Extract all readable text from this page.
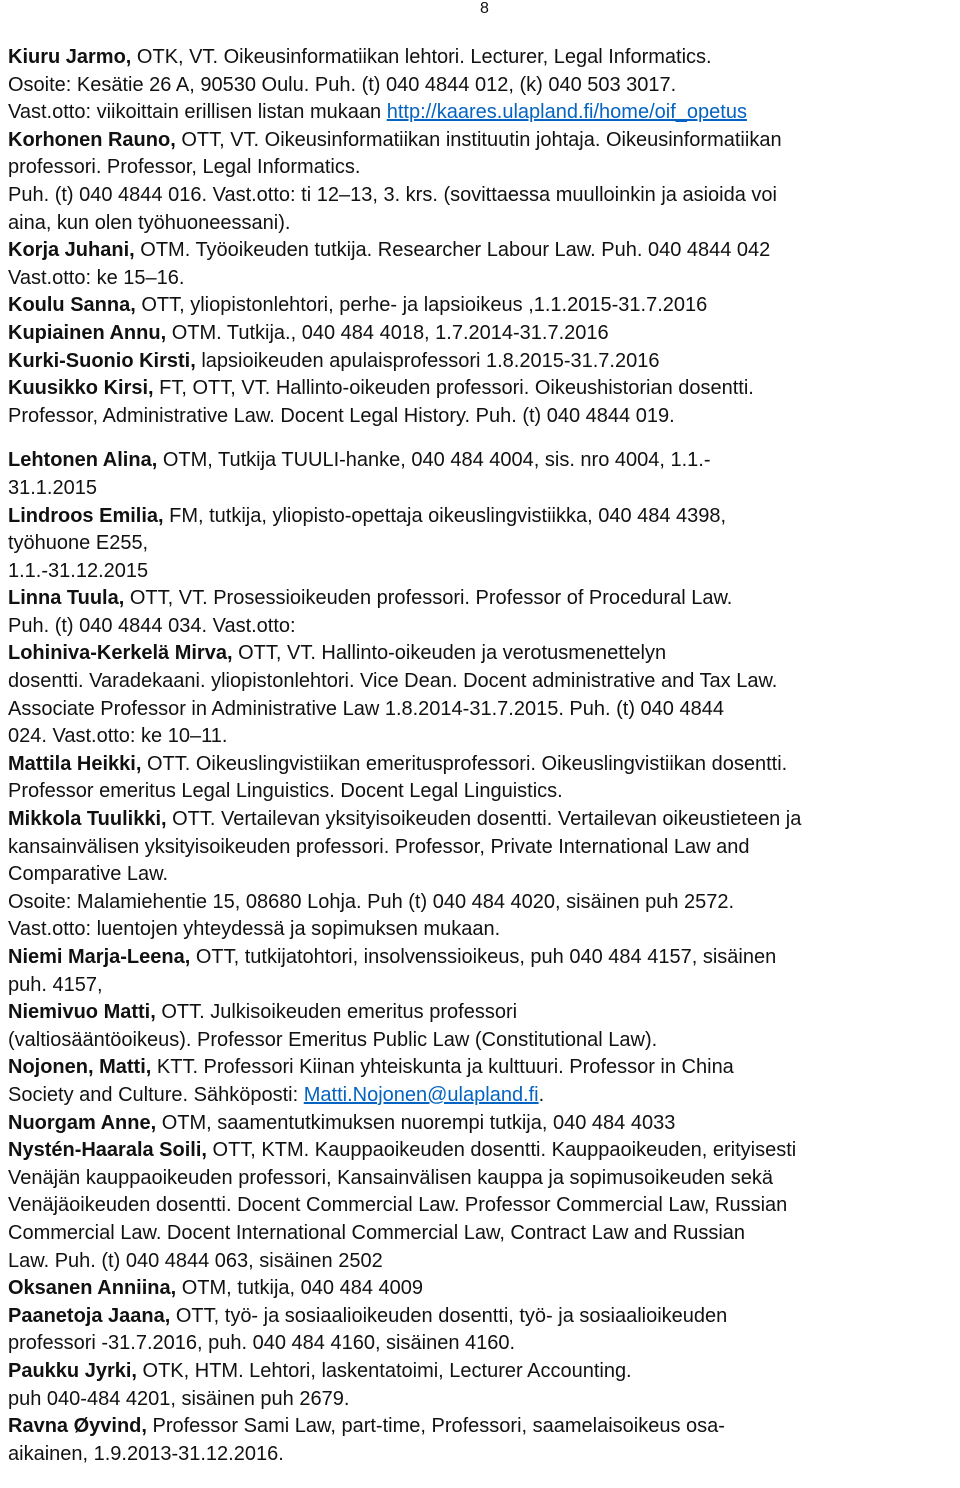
8
Kiuru Jarmo, OTK, VT. Oikeusinformatiikan lehtori. Lecturer, Legal Informatics.
Osoite: Kesätie 26 A, 90530 Oulu. Puh. (t) 040 4844 012, (k) 040 503 3017.
Vast.otto: viikoittain erillisen listan mukaan http://kaares.ulapland.fi/home/oif_opetus
Korhonen Rauno, OTT, VT. Oikeusinformatiikan instituutin johtaja. Oikeusinformatiikan
professori. Professor, Legal Informatics.
Puh. (t) 040 4844 016. Vast.otto: ti 12–13, 3. krs. (sovittaessa muulloinkin ja asioida voi
aina, kun olen työhuoneessani).
Korja Juhani, OTM. Työoikeuden tutkija. Researcher Labour Law. Puh. 040 4844 042
Vast.otto: ke 15–16.
Koulu Sanna, OTT, yliopistonlehtori, perhe- ja lapsioikeus ,1.1.2015-31.7.2016
Kupiainen Annu, OTM. Tutkija., 040 484 4018, 1.7.2014-31.7.2016
Kurki-Suonio Kirsti, lapsioikeuden apulaisprofessori 1.8.2015-31.7.2016
Kuusikko Kirsi, FT, OTT, VT. Hallinto-oikeuden professori. Oikeushistorian dosentti.
Professor, Administrative Law. Docent Legal History. Puh. (t) 040 4844 019.
Lehtonen Alina, OTM, Tutkija TUULI-hanke, 040 484 4004, sis. nro 4004, 1.1.-
31.1.2015
Lindroos Emilia, FM, tutkija, yliopisto-opettaja oikeuslingvistiikka, 040 484 4398,
työhuone E255,
1.1.-31.12.2015
Linna Tuula, OTT, VT. Prosessioikeuden professori. Professor of Procedural Law.
Puh. (t) 040 4844 034. Vast.otto:
Lohiniva-Kerkelä Mirva, OTT, VT. Hallinto-oikeuden ja verotusmenettelyn
dosentti. Varadekaani. yliopistonlehtori. Vice Dean. Docent administrative and Tax Law.
Associate Professor in Administrative Law 1.8.2014-31.7.2015. Puh. (t) 040 4844
024. Vast.otto: ke 10–11.
Mattila Heikki, OTT. Oikeuslingvistiikan emeritusprofessori. Oikeuslingvistiikan dosentti.
Professor emeritus Legal Linguistics. Docent Legal Linguistics.
Mikkola Tuulikki, OTT. Vertailevan yksityisoikeuden dosentti. Vertailevan oikeustieteen ja
kansainvälisen yksityisoikeuden professori. Professor, Private International Law and
Comparative Law.
Osoite: Malamiehentie 15, 08680 Lohja. Puh (t) 040 484 4020, sisäinen puh 2572.
Vast.otto: luentojen yhteydessä ja sopimuksen mukaan.
Niemi Marja-Leena, OTT, tutkijatohtori, insolvenssioikeus, puh 040 484 4157, sisäinen
puh. 4157,
Niemivuo Matti, OTT. Julkisoikeuden emeritus professori
(valtiosääntöoikeus). Professor Emeritus Public Law (Constitutional Law).
Nojonen, Matti, KTT. Professori Kiinan yhteiskunta ja kulttuuri. Professor in China
Society and Culture. Sähköposti: Matti.Nojonen@ulapland.fi.
Nuorgam Anne, OTM, saamentutkimuksen nuorempi tutkija, 040 484 4033
Nystén-Haarala Soili, OTT, KTM. Kauppaoikeuden dosentti. Kauppaoikeuden, erityisesti
Venäjän kauppaoikeuden professori, Kansainvälisen kauppa ja sopimusoikeuden sekä
Venäjäoikeuden dosentti. Docent Commercial Law. Professor Commercial Law, Russian
Commercial Law. Docent International Commercial Law, Contract Law and Russian
Law. Puh. (t) 040 4844 063, sisäinen 2502
Oksanen Anniina, OTM, tutkija, 040 484 4009
Paanetoja Jaana, OTT, työ- ja sosiaalioikeuden dosentti, työ- ja sosiaalioikeuden
professori -31.7.2016, puh. 040 484 4160, sisäinen 4160.
Paukku Jyrki, OTK, HTM. Lehtori, laskentatoimi, Lecturer Accounting.
puh 040-484 4201, sisäinen puh 2679.
Ravna Øyvind, Professor Sami Law, part-time, Professori, saamelaisoikeus osa-
aikainen, 1.9.2013-31.12.2016.
